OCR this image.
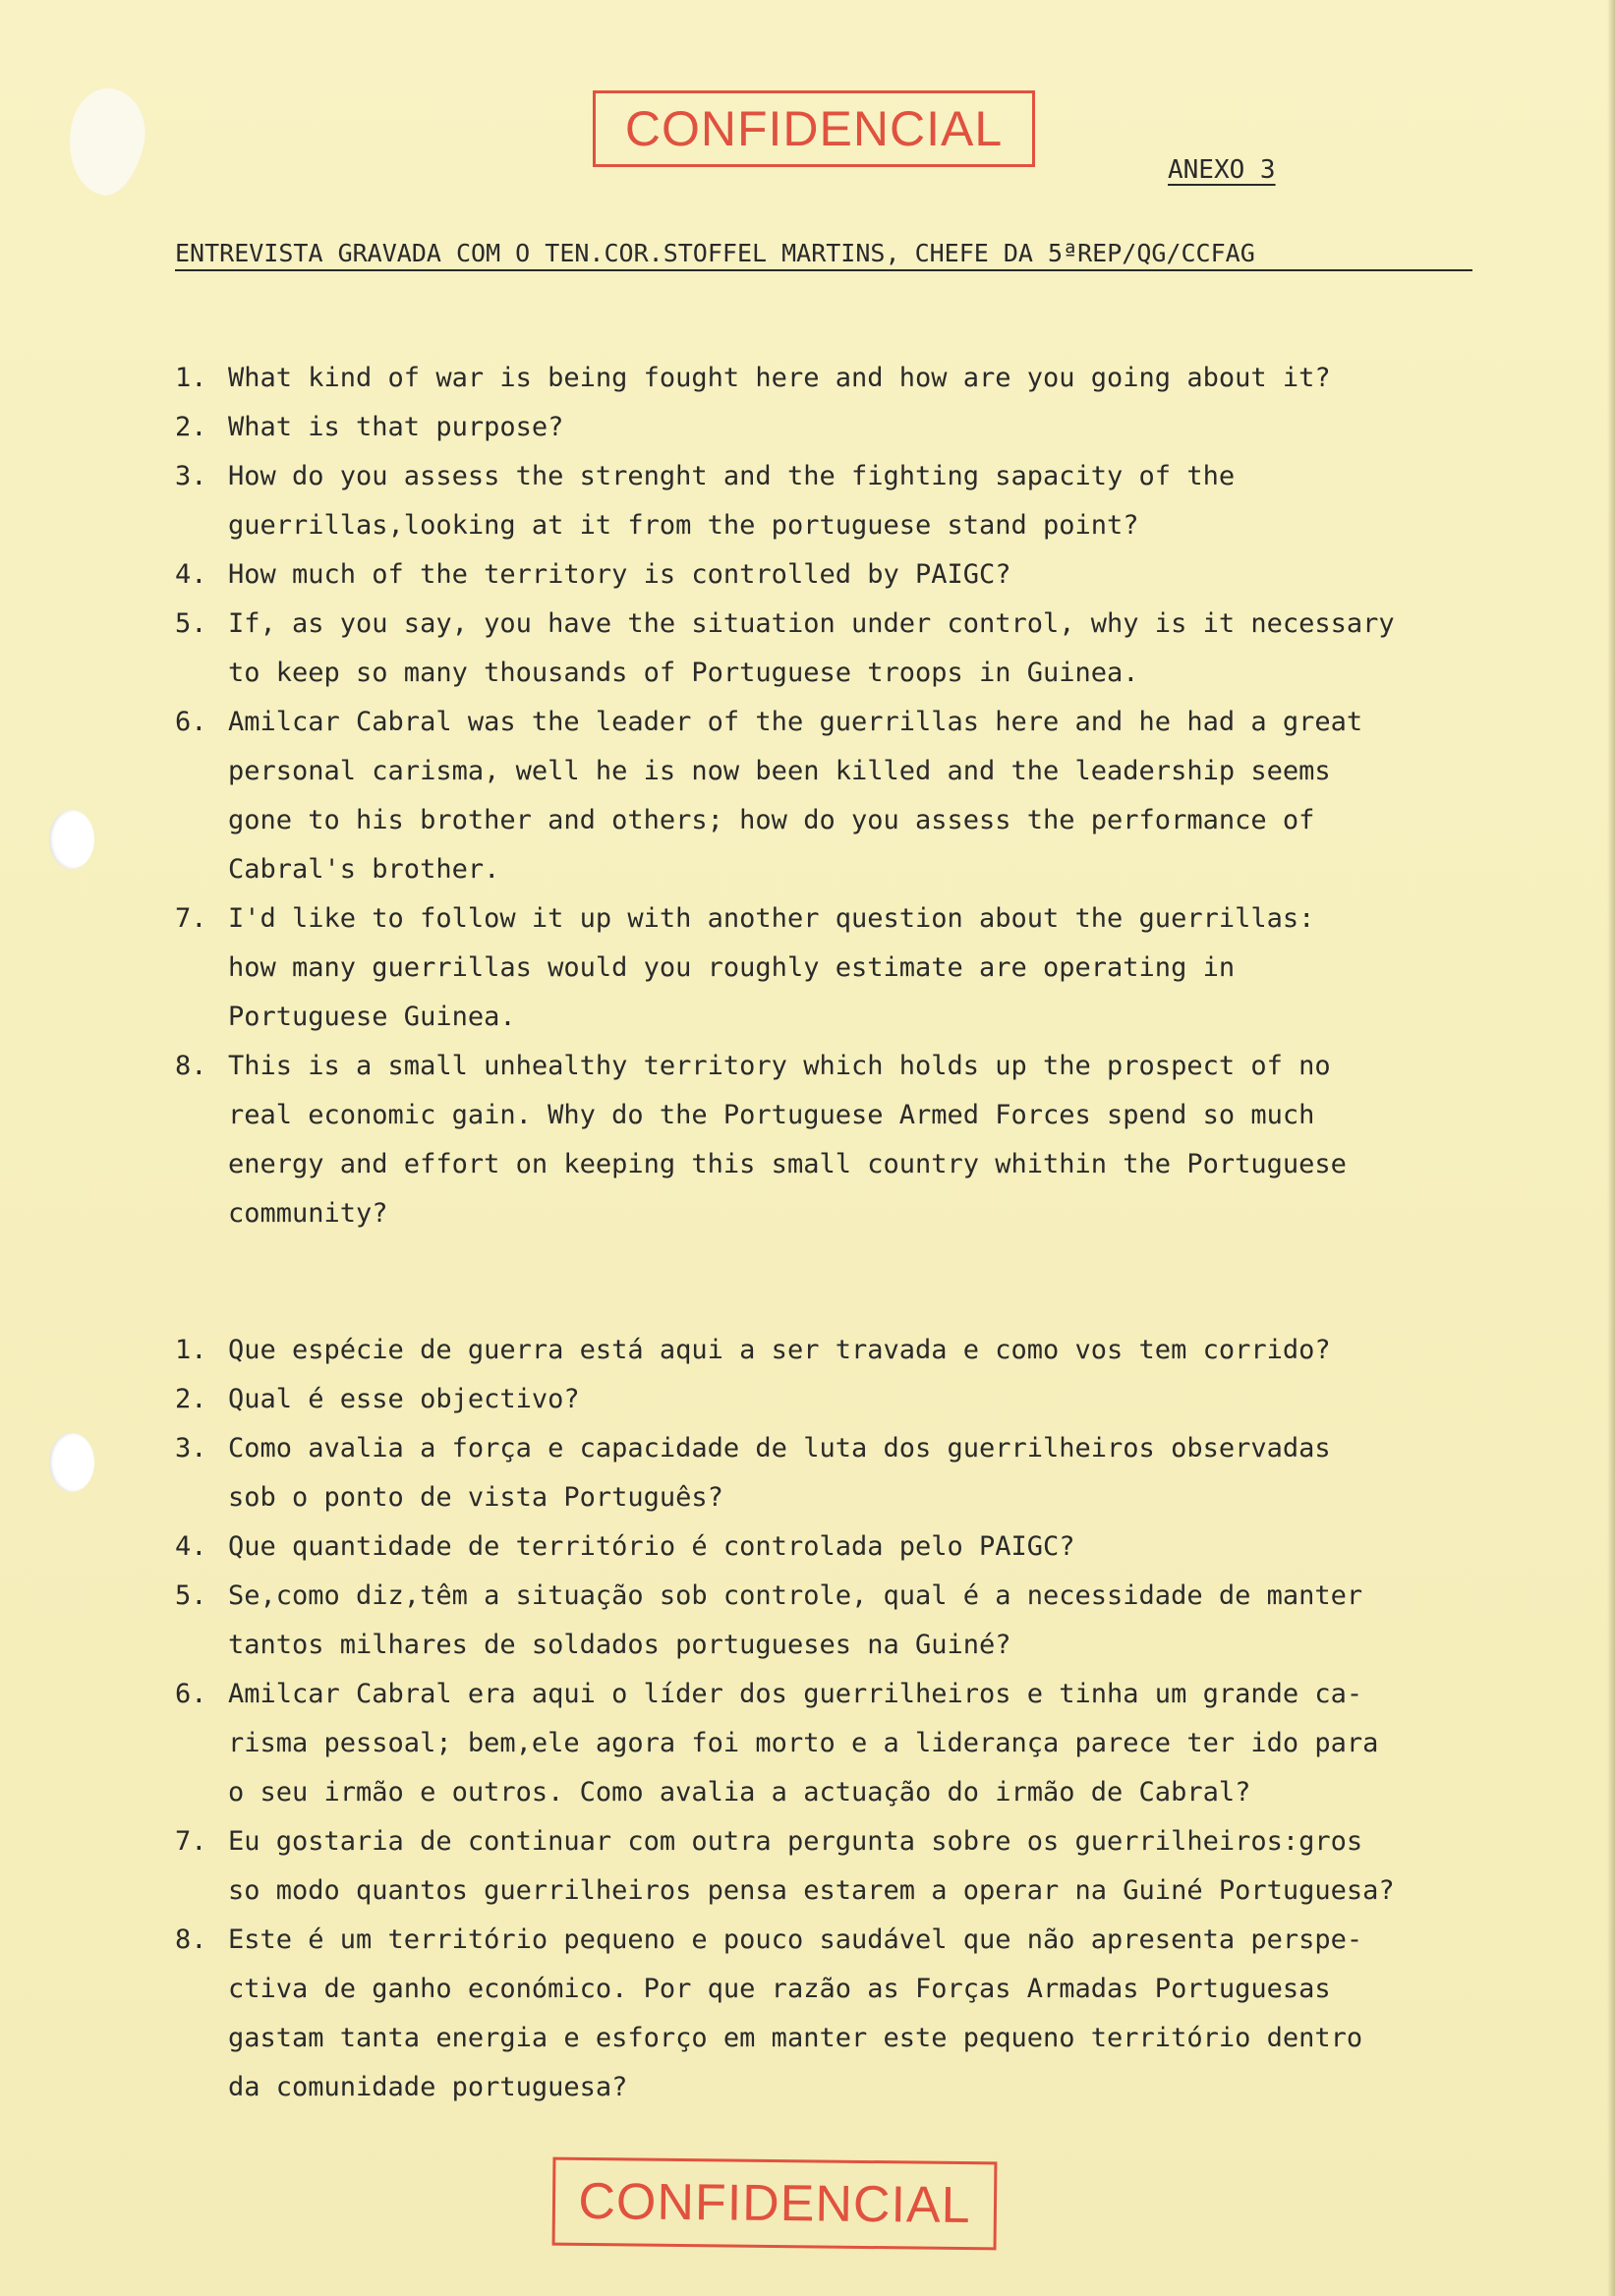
CONFIDENCIAL
ANEXO 3
ENTREVISTA GRAVADA COM O TEN.COR.STOFFEL MARTINS, CHEFE DA 5ªREP/QG/CCFAG
1. What kind of war is being fought here and how are you going about it?
2. What is that purpose?
3. How do you assess the strenght and the fighting sapacity of the
guerrillas,looking at it from the portuguese stand point?
4. How much of the territory is controlled by PAIGC?
5. If, as you say, you have the situation under control, why is it necessary
to keep so many thousands of Portuguese troops in Guinea.
6. Amilcar Cabral was the leader of the guerrillas here and he had a great
personal carisma, well he is now been killed and the leadership seems
gone to his brother and others; how do you assess the performance of
Cabral's brother.
7. I'd like to follow it up with another question about the guerrillas:
how many guerrillas would you roughly estimate are operating in
Portuguese Guinea.
8. This is a small unhealthy territory which holds up the prospect of no
real economic gain. Why do the Portuguese Armed Forces spend so much
energy and effort on keeping this small country whithin the Portuguese
community?
1. Que espécie de guerra está aqui a ser travada e como vos tem corrido?
2. Qual é esse objectivo?
3. Como avalia a força e capacidade de luta dos guerrilheiros observadas
sob o ponto de vista Português?
4. Que quantidade de território é controlada pelo PAIGC?
5. Se,como diz,têm a situação sob controle, qual é a necessidade de manter
tantos milhares de soldados portugueses na Guiné?
6. Amilcar Cabral era aqui o líder dos guerrilheiros e tinha um grande ca-
risma pessoal; bem,ele agora foi morto e a liderança parece ter ido para
o seu irmão e outros. Como avalia a actuação do irmão de Cabral?
7. Eu gostaria de continuar com outra pergunta sobre os guerrilheiros:gros
so modo quantos guerrilheiros pensa estarem a operar na Guiné Portuguesa?
8. Este é um território pequeno e pouco saudável que não apresenta perspe-
ctiva de ganho económico. Por que razão as Forças Armadas Portuguesas
gastam tanta energia e esforço em manter este pequeno território dentro
da comunidade portuguesa?
CONFIDENCIAL
